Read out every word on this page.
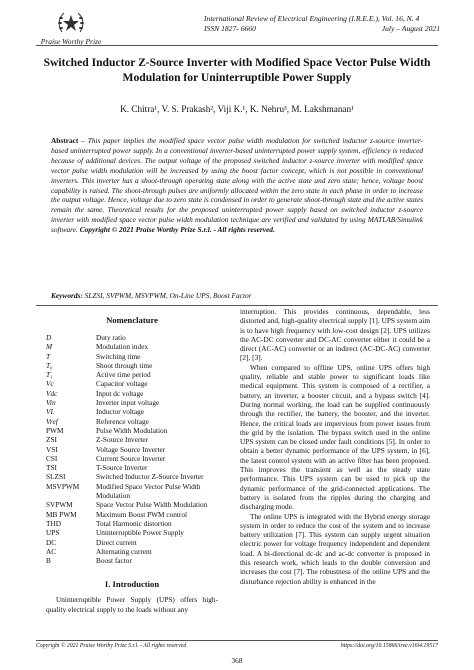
Praise Worthy Prize
International Review of Electrical Engineering (I.R.E.E.), Vol. 16, N. 4
ISSN 1827- 6660	July – August 2021
Switched Inductor Z-Source Inverter with Modified Space Vector Pulse Width Modulation for Uninterruptible Power Supply
K. Chitra¹, V. S. Prakash², Viji K.¹, K. Nehru³, M. Lakshmanan¹
Abstract – This paper implies the modified space vector pulse width modulation for switched inductor z-source inverter-based uninterrupted power supply. In a conventional inverter-based uninterrupted power supply system, efficiency is reduced because of additional devices. The output voltage of the proposed switched inductor z-source inverter with modified space vector pulse width modulation will be increased by using the boost factor concept, which is not possible in conventional inverters. This inverter has a shoot-through operating state along with the active state and zero state; hence, voltage boost capability is raised. The shoot-through pulses are uniformly allocated within the zero state in each phase in order to increase the output voltage. Hence, voltage due to zero state is condensed in order to generate shoot-through state and the active states remain the same. Theoretical results for the proposed uninterrupted power supply based on switched inductor z-source inverter with modified space vector pulse width modulation technique are verified and validated by using MATLAB/Simulink software. Copyright © 2021 Praise Worthy Prize S.r.l. - All rights reserved.
Keywords: SLZSI, SVPWM, MSVPWM, On-Line UPS, Boost Factor
Nomenclature
D	Duty ratio
M	Modulation index
T	Switching time
T₀	Shoot through time
T₁	Active time period
Vc	Capacitor voltage
Vdc	Input dc voltage
Vin	Inverter input voltage
VL	Inductor voltage
Vref	Reference voltage
PWM	Pulse Width Modulation
ZSI	Z-Source Inverter
VSI	Voltage Source Inverter
CSI	Current Source Inverter
TSI	T-Source Inverter
SLZSI	Switched Inductor Z-Source Inverter
MSVPWM	Modified Space Vector Pulse Width Modulation
SVPWM	Space Vector Pulse Width Modulation
MB PWM	Maximum Boost PWM control
THD	Total Harmonic distortion
UPS	Uninterruptible Power Supply
DC	Direct current
AC	Alternating current
B	Boost factor
I. Introduction

Uninterruptible Power Supply (UPS) offers high-quality electrical supply to the loads without any

interruption. This provides continuous, dependable, less distorted and, high-quality electrical supply [1]. UPS system aim is to have high frequency with low-cost design [2]. UPS utilizes the AC-DC converter and DC-AC converter either it could be a direct (AC-AC) converter or an indirect (AC-DC-AC) converter [2], [3].

When compared to offline UPS, online UPS offers high quality, reliable and stable power to significant loads like medical equipment. This system is composed of a rectifier, a battery, an inverter, a booster circuit, and a bypass switch [4]. During normal working, the load can be supplied continuously through the rectifier, the battery, the booster, and the inverter. Hence, the critical loads are impervious from power issues from the grid by the isolation. The bypass switch used in the online UPS system can be closed under fault conditions [5]. In order to obtain a better dynamic performance of the UPS system, in [6], the latest control system with an active filter has been proposed. This improves the transient as well as the steady state performance. This UPS system can be used to pick up the dynamic performance of the grid-connected applications. The battery is isolated from the ripples during the charging and discharging mode.

The online UPS is integrated with the Hybrid energy storage system in order to reduce the cost of the system and to increase battery utilization [7]. This system can supply urgent situation electric power for voltage frequency independent and dependent load. A bi-directional dc-dc and ac-dc converter is proposed in this research work, which leads to the double conversion and increases the cost [7]. The robustness of the online UPS and the disturbance rejection ability is enhanced in the

Copyright © 2021 Praise Worthy Prize S.r.l. - All rights reserved	https://doi.org/10.15866/iree.v16i4.19517
368
